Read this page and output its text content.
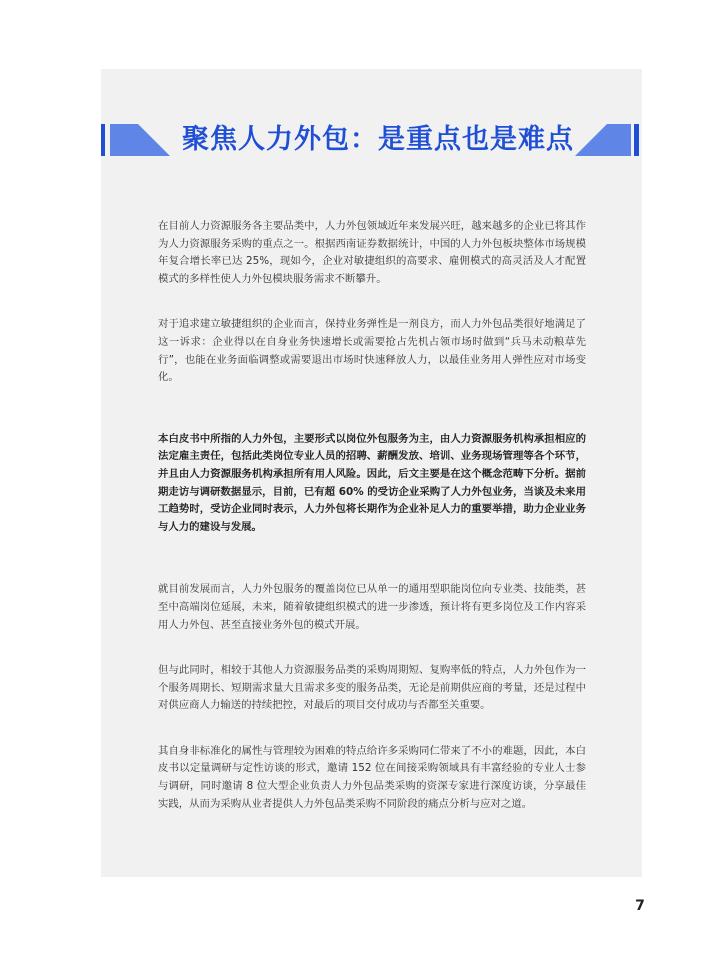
聚焦人力外包：是重点也是难点

在目前人力资源服务各主要品类中，人力外包领域近年来发展兴旺，越来越多的企业已将其作为人力资源服务采购的重点之一。根据西南证券数据统计，中国的人力外包板块整体市场规模年复合增长率已达 25%，现如今，企业对敏捷组织的高要求、雇佣模式的高灵活及人才配置模式的多样性使人力外包模块服务需求不断攀升。

对于追求建立敏捷组织的企业而言，保持业务弹性是一剂良方，而人力外包品类很好地满足了这一诉求：企业得以在自身业务快速增长或需要抢占先机占领市场时做到“兵马未动粮草先行”，也能在业务面临调整或需要退出市场时快速释放人力，以最佳业务用人弹性应对市场变化。

本白皮书中所指的人力外包，主要形式以岗位外包服务为主，由人力资源服务机构承担相应的法定雇主责任，包括此类岗位专业人员的招聘、薪酬发放、培训、业务现场管理等各个环节，并且由人力资源服务机构承担所有用人风险。因此，后文主要是在这个概念范畴下分析。据前期走访与调研数据显示，目前，已有超 60% 的受访企业采购了人力外包业务，当谈及未来用工趋势时，受访企业同时表示，人力外包将长期作为企业补足人力的重要举措，助力企业业务与人力的建设与发展。

就目前发展而言，人力外包服务的覆盖岗位已从单一的通用型职能岗位向专业类、技能类，甚至中高端岗位延展，未来，随着敏捷组织模式的进一步渗透，预计将有更多岗位及工作内容采用人力外包、甚至直接业务外包的模式开展。

但与此同时，相较于其他人力资源服务品类的采购周期短、复购率低的特点，人力外包作为一个服务周期长、短期需求量大且需求多变的服务品类，无论是前期供应商的考量，还是过程中对供应商人力输送的持续把控，对最后的项目交付成功与否都至关重要。

其自身非标准化的属性与管理较为困难的特点给许多采购同仁带来了不小的难题，因此，本白皮书以定量调研与定性访谈的形式，邀请 152 位在间接采购领域具有丰富经验的专业人士参与调研，同时邀请 8 位大型企业负责人力外包品类采购的资深专家进行深度访谈，分享最佳实践，从而为采购从业者提供人力外包品类采购不同阶段的痛点分析与应对之道。

7
